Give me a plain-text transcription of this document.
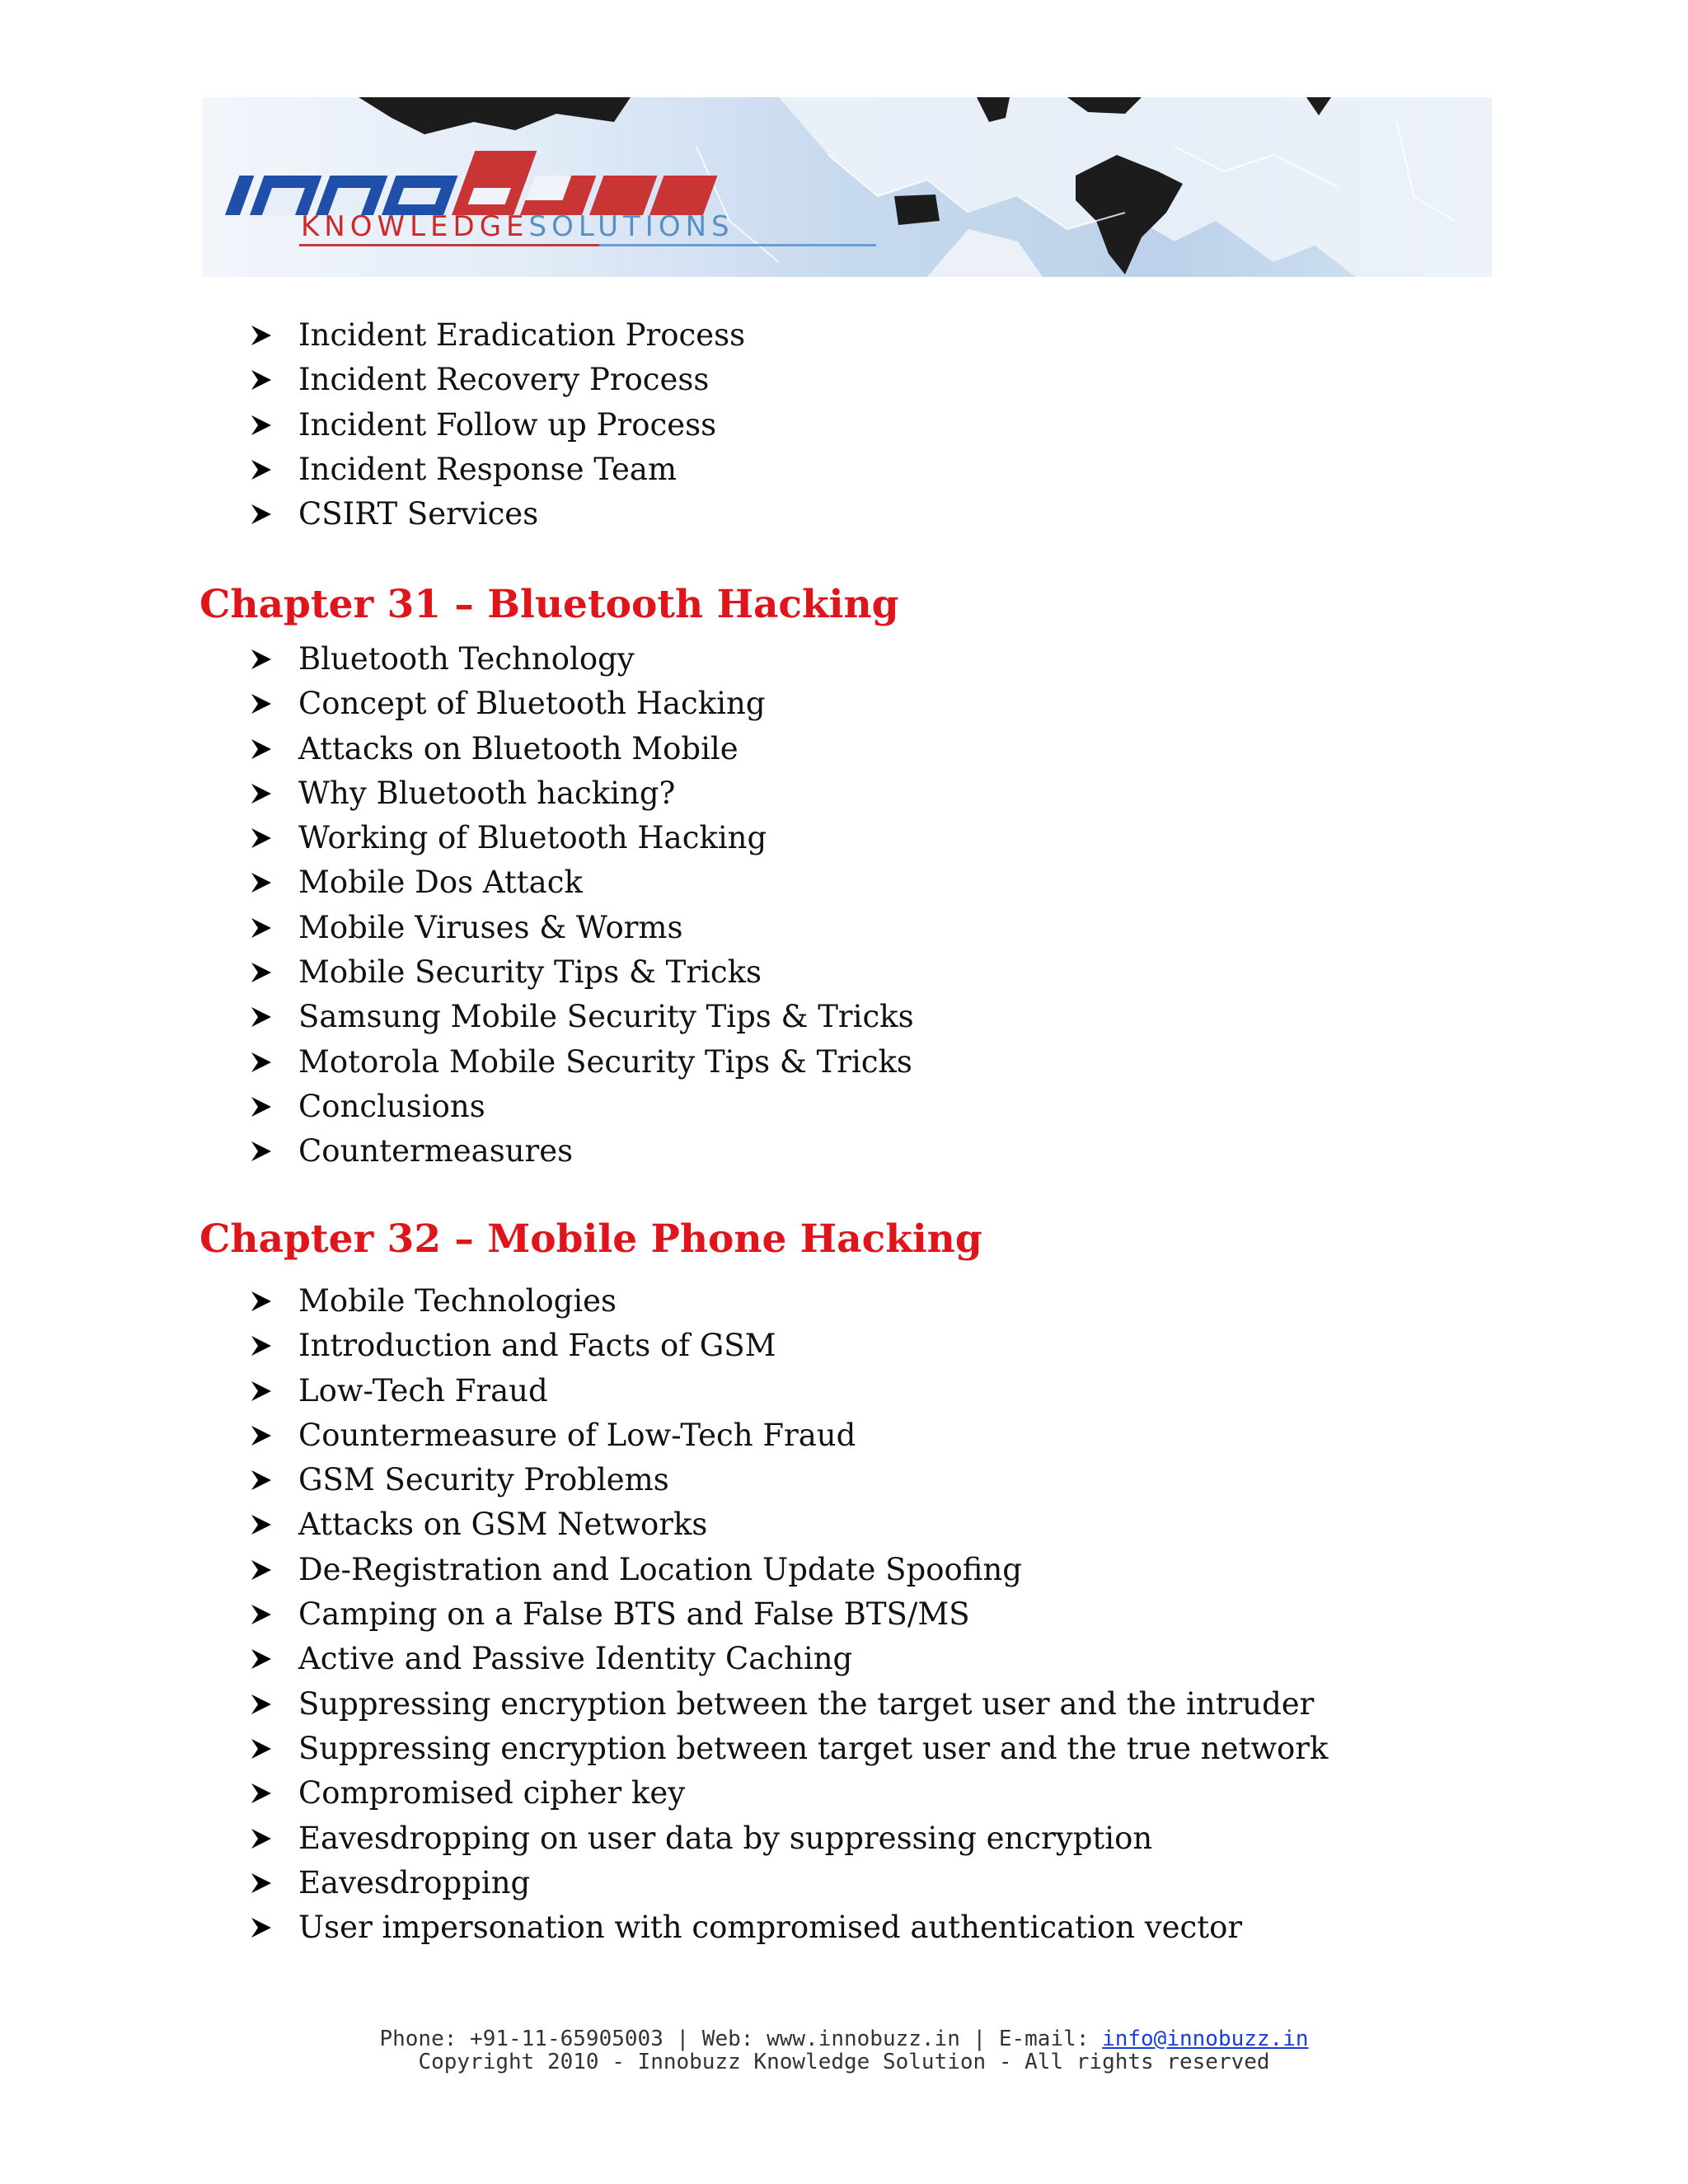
KNOWLEDGESOLUTIONS
Incident Eradication Process
Incident Recovery Process
Incident Follow up Process
Incident Response Team
CSIRT Services
Chapter 31 – Bluetooth Hacking
Bluetooth Technology
Concept of Bluetooth Hacking
Attacks on Bluetooth Mobile
Why Bluetooth hacking?
Working of Bluetooth Hacking
Mobile Dos Attack
Mobile Viruses & Worms
Mobile Security Tips & Tricks
Samsung Mobile Security Tips & Tricks
Motorola Mobile Security Tips & Tricks
Conclusions
Countermeasures
Chapter 32 – Mobile Phone Hacking
Mobile Technologies
Introduction and Facts of GSM
Low-Tech Fraud
Countermeasure of Low-Tech Fraud
GSM Security Problems
Attacks on GSM Networks
De-Registration and Location Update Spoofing
Camping on a False BTS and False BTS/MS
Active and Passive Identity Caching
Suppressing encryption between the target user and the intruder
Suppressing encryption between target user and the true network
Compromised cipher key
Eavesdropping on user data by suppressing encryption
Eavesdropping
User impersonation with compromised authentication vector
Phone: +91-11-65905003 | Web: www.innobuzz.in | E-mail: info@innobuzz.in
Copyright 2010 - Innobuzz Knowledge Solution - All rights reserved
